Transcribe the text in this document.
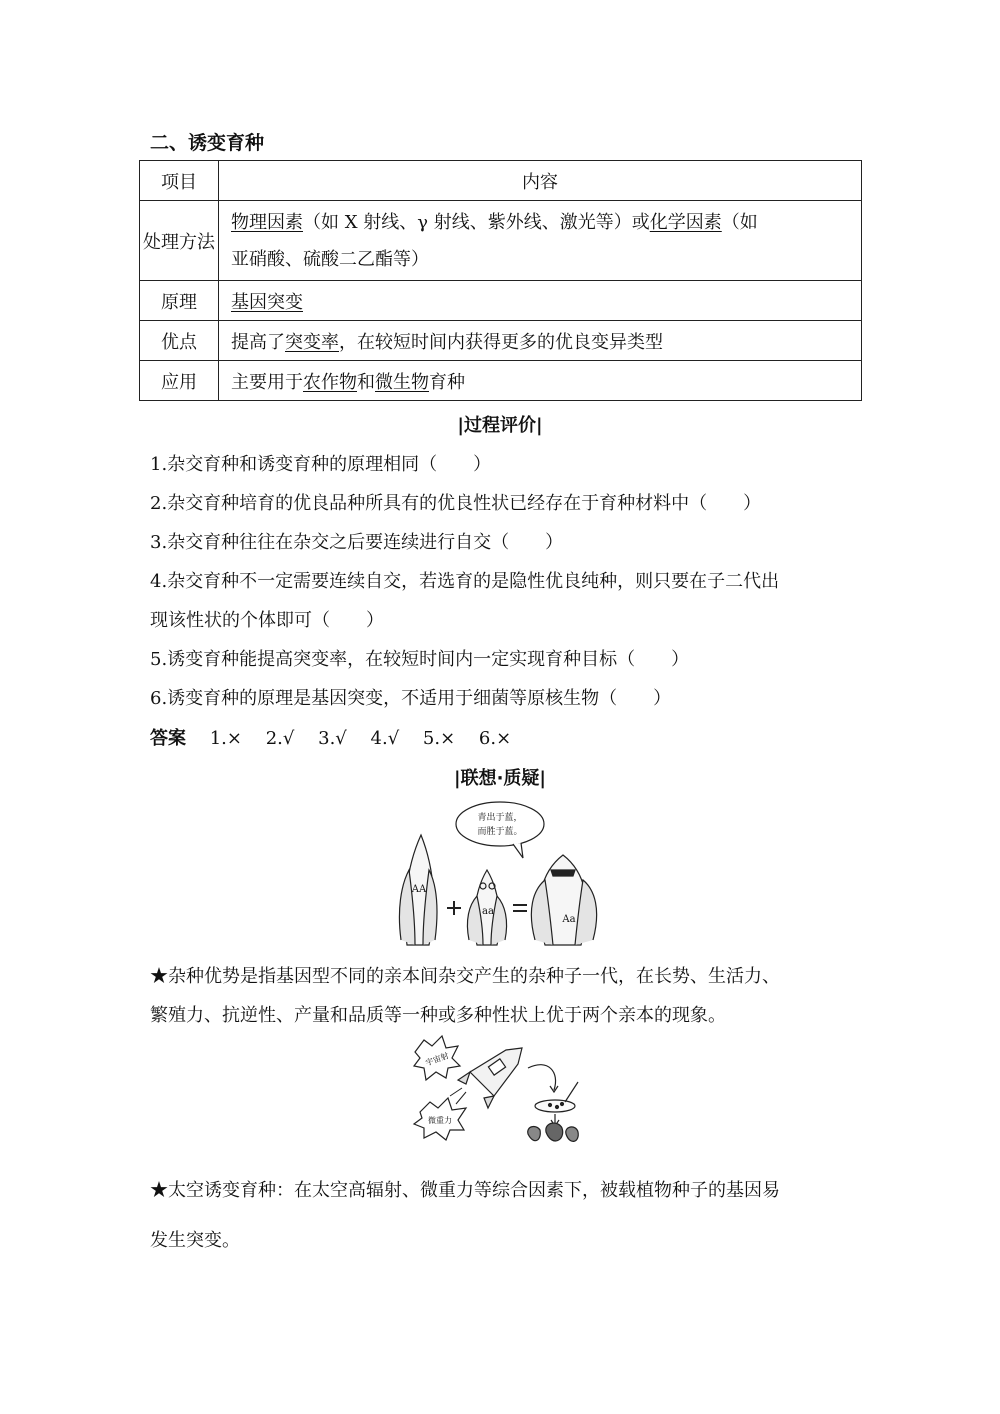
二、诱变育种
项目	内容
处理方法	物理因素（如 X 射线、γ 射线、紫外线、激光等）或化学因素（如
亚硝酸、硫酸二乙酯等）
原理	基因突变
优点	提高了突变率，在较短时间内获得更多的优良变异类型
应用	主要用于农作物和微生物育种
|过程评价|
1.杂交育种和诱变育种的原理相同（　　）
2.杂交育种培育的优良品种所具有的优良性状已经存在于育种材料中（　　）
3.杂交育种往往在杂交之后要连续进行自交（　　）
4.杂交育种不一定需要连续自交，若选育的是隐性优良纯种，则只要在子二代出
现该性状的个体即可（　　）
5.诱变育种能提高突变率，在较短时间内一定实现育种目标（　　）
6.诱变育种的原理是基因突变，不适用于细菌等原核生物（　　）
答案 1.× 2.√ 3.√ 4.√ 5.× 6.×
|联想·质疑|
青出于蓝，
而胜于蓝。
AA
aa
Aa
★杂种优势是指基因型不同的亲本间杂交产生的杂种子一代，在长势、生活力、
繁殖力、抗逆性、产量和品质等一种或多种性状上优于两个亲本的现象。
宇宙射
微重力
★太空诱变育种：在太空高辐射、微重力等综合因素下，被载植物种子的基因易
发生突变。
